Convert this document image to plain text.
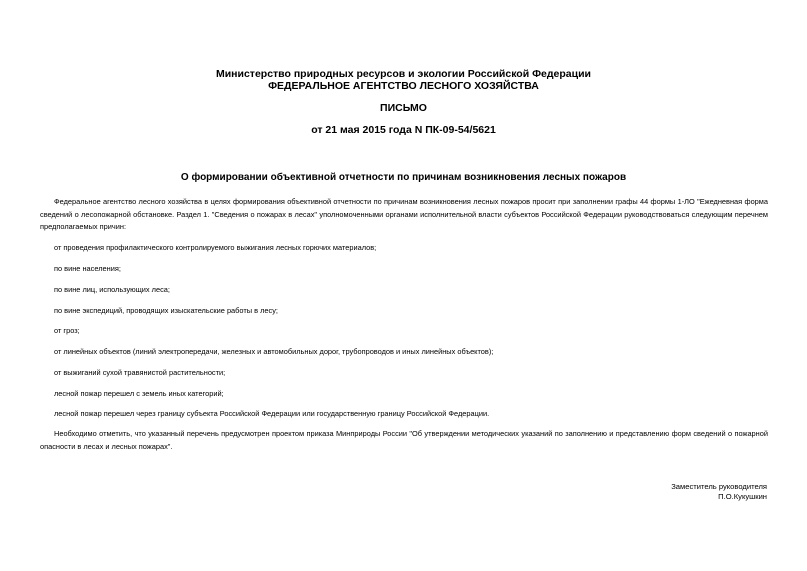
Министерство природных ресурсов и экологии Российской Федерации
ФЕДЕРАЛЬНОЕ АГЕНТСТВО ЛЕСНОГО ХОЗЯЙСТВА
ПИСЬМО
от 21 мая 2015 года N ПК-09-54/5621
О формировании объективной отчетности по причинам возникновения лесных пожаров
Федеральное агентство лесного хозяйства в целях формирования объективной отчетности по причинам возникновения лесных пожаров просит при заполнении графы 44 формы 1-ЛО "Ежедневная форма сведений о лесопожарной обстановке. Раздел 1. "Сведения о пожарах в лесах" уполномоченными органами исполнительной власти субъектов Российской Федерации руководствоваться следующим перечнем предполагаемых причин:
от проведения профилактического контролируемого выжигания лесных горючих материалов;
по вине населения;
по вине лиц, использующих леса;
по вине экспедиций, проводящих изыскательские работы в лесу;
от гроз;
от линейных объектов (линий электропередачи, железных и автомобильных дорог, трубопроводов и иных линейных объектов);
от выжиганий сухой травянистой растительности;
лесной пожар перешел с земель иных категорий;
лесной пожар перешел через границу субъекта Российской Федерации или государственную границу Российской Федерации.
Необходимо отметить, что указанный перечень предусмотрен проектом приказа Минприроды России "Об утверждении методических указаний по заполнению и представлению форм сведений о пожарной опасности в лесах и лесных пожарах".
Заместитель руководителя
П.О.Кукушкин
